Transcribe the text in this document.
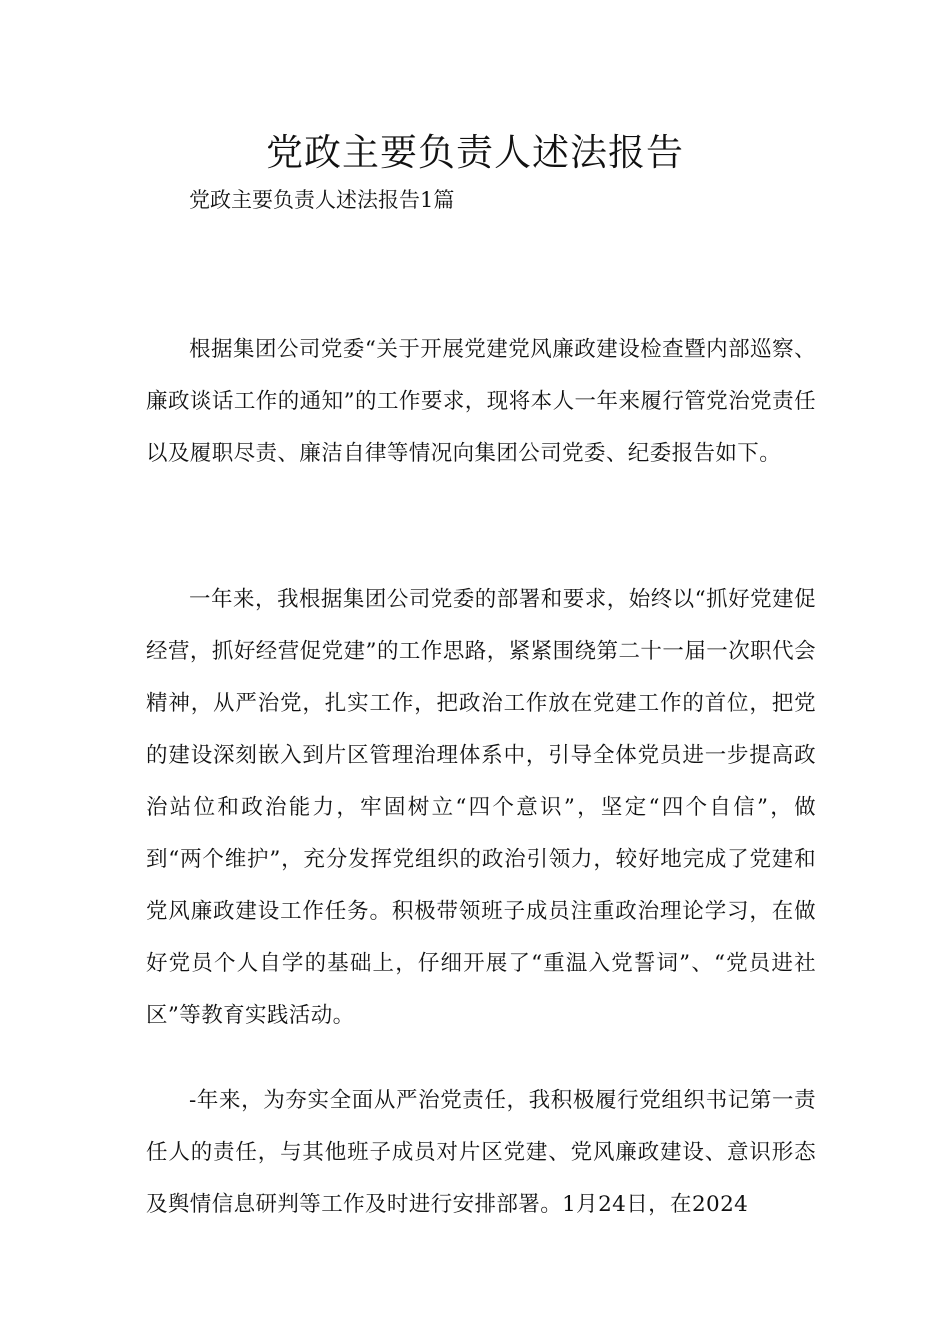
党政主要负责人述法报告

党政主要负责人述法报告1篇

根据集团公司党委“关于开展党建党风廉政建设检查暨内部巡察、廉政谈话工作的通知”的工作要求，现将本人一年来履行管党治党责任以及履职尽责、廉洁自律等情况向集团公司党委、纪委报告如下。

一年来，我根据集团公司党委的部署和要求，始终以“抓好党建促经营，抓好经营促党建”的工作思路，紧紧围绕第二十一届一次职代会精神，从严治党，扎实工作，把政治工作放在党建工作的首位，把党的建设深刻嵌入到片区管理治理体系中，引导全体党员进一步提高政治站位和政治能力，牢固树立“四个意识”，坚定“四个自信”，做到“两个维护”，充分发挥党组织的政治引领力，较好地完成了党建和党风廉政建设工作任务。积极带领班子成员注重政治理论学习，在做好党员个人自学的基础上，仔细开展了“重温入党誓词”、“党员进社区”等教育实践活动。

-年来，为夯实全面从严治党责任，我积极履行党组织书记第一责任人的责任，与其他班子成员对片区党建、党风廉政建设、意识形态及舆情信息研判等工作及时进行安排部署。1月24日，在2024
